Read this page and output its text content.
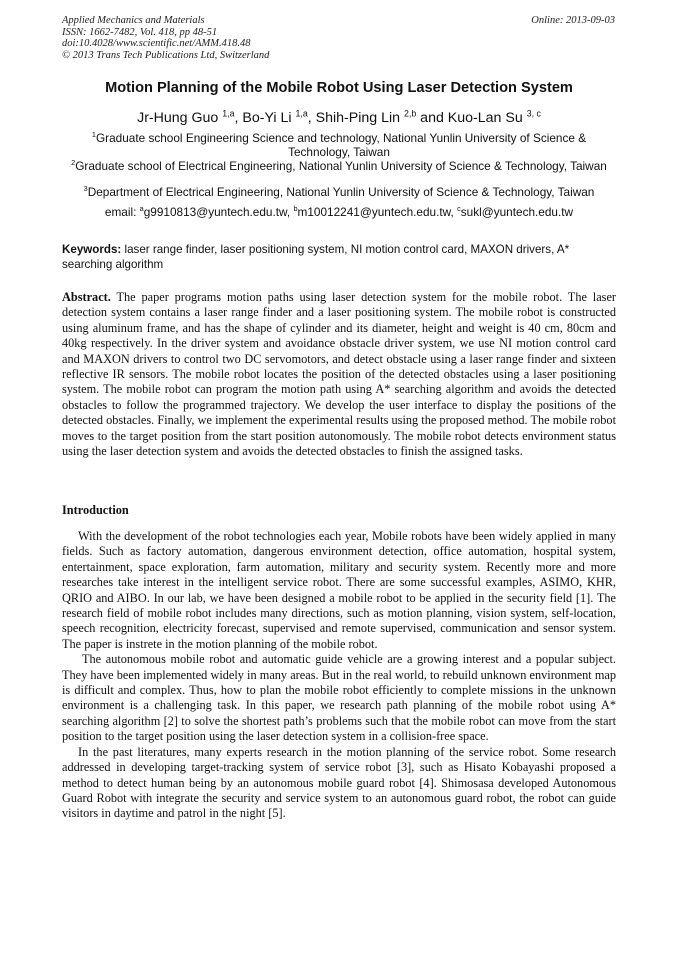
Applied Mechanics and Materials
ISSN: 1662-7482, Vol. 418, pp 48-51
doi:10.4028/www.scientific.net/AMM.418.48
© 2013 Trans Tech Publications Ltd, Switzerland
Online: 2013-09-03
Motion Planning of the Mobile Robot Using Laser Detection System
Jr-Hung Guo $^{1,a}$, Bo-Yi Li $^{1,a}$, Shih-Ping Lin $^{2,b}$ and Kuo-Lan Su $^{3, c}$
$^1$Graduate school Engineering Science and technology, National Yunlin University of Science & Technology, Taiwan
$^2$Graduate school of Electrical Engineering, National Yunlin University of Science & Technology, Taiwan
$^3$Department of Electrical Engineering, National Yunlin University of Science & Technology, Taiwan
email: $^a$g9910813@yuntech.edu.tw, $^b$m10012241@yuntech.edu.tw, $^c$sukl@yuntech.edu.tw
Keywords: laser range finder, laser positioning system, NI motion control card, MAXON drivers, A* searching algorithm
Abstract. The paper programs motion paths using laser detection system for the mobile robot. The laser detection system contains a laser range finder and a laser positioning system. The mobile robot is constructed using aluminum frame, and has the shape of cylinder and its diameter, height and weight is 40 cm, 80cm and 40kg respectively. In the driver system and avoidance obstacle driver system, we use NI motion control card and MAXON drivers to control two DC servomotors, and detect obstacle using a laser range finder and sixteen reflective IR sensors. The mobile robot locates the position of the detected obstacles using a laser positioning system. The mobile robot can program the motion path using A* searching algorithm and avoids the detected obstacles to follow the programmed trajectory. We develop the user interface to display the positions of the detected obstacles. Finally, we implement the experimental results using the proposed method. The mobile robot moves to the target position from the start position autonomously. The mobile robot detects environment status using the laser detection system and avoids the detected obstacles to finish the assigned tasks.
Introduction

With the development of the robot technologies each year, Mobile robots have been widely applied in many fields. Such as factory automation, dangerous environment detection, office automation, hospital system, entertainment, space exploration, farm automation, military and security system. Recently more and more researches take interest in the intelligent service robot. There are some successful examples, ASIMO, KHR, QRIO and AIBO. In our lab, we have been designed a mobile robot to be applied in the security field [1]. The research field of mobile robot includes many directions, such as motion planning, vision system, self-location, speech recognition, electricity forecast, supervised and remote supervised, communication and sensor system. The paper is instrete in the motion planning of the mobile robot.

The autonomous mobile robot and automatic guide vehicle are a growing interest and a popular subject. They have been implemented widely in many areas. But in the real world, to rebuild unknown environment map is difficult and complex. Thus, how to plan the mobile robot efficiently to complete missions in the unknown environment is a challenging task. In this paper, we research path planning of the mobile robot using A* searching algorithm [2] to solve the shortest path’s problems such that the mobile robot can move from the start position to the target position using the laser detection system in a collision-free space.

In the past literatures, many experts research in the motion planning of the service robot. Some research addressed in developing target-tracking system of service robot [3], such as Hisato Kobayashi proposed a method to detect human being by an autonomous mobile guard robot [4]. Shimosasa developed Autonomous Guard Robot with integrate the security and service system to an autonomous guard robot, the robot can guide visitors in daytime and patrol in the night [5].
